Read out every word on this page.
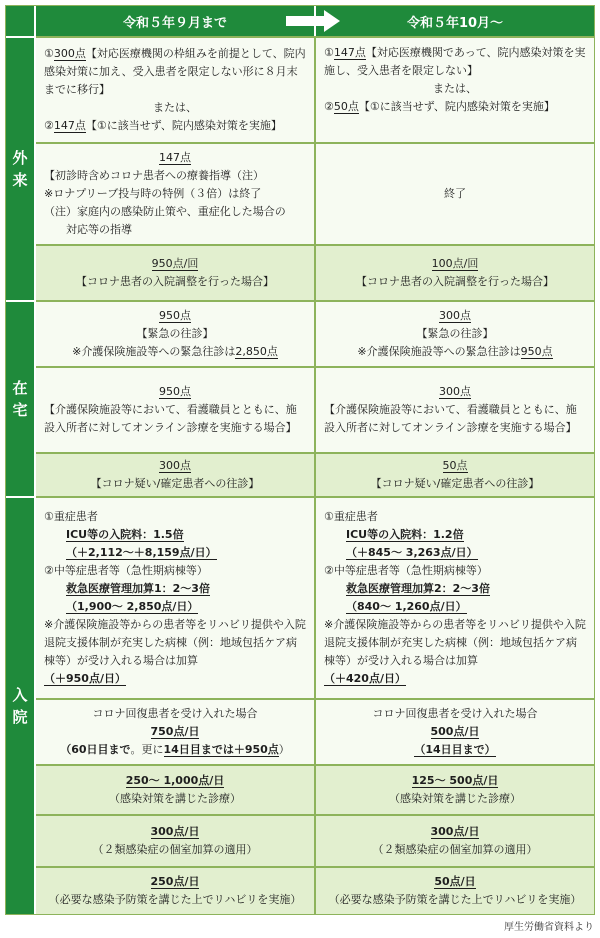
令和５年９月まで	令和５年10月～
外
来
在
宅
入
院
①300点【対応医療機関の枠組みを前提として、院内感染対策に加え、受入患者を限定しない形に８月末までに移行】
または、
②147点【①に該当せず、院内感染対策を実施】
①147点【対応医療機関であって、院内感染対策を実施し、受入患者を限定しない】
または、
②50点【①に該当せず、院内感染対策を実施】
147点
【初診時含めコロナ患者への療養指導（注）
※ロナプリーブ投与時の特例（３倍）は終了
（注）家庭内の感染防止策や、重症化した場合の
対応等の指導
終了
950点/回
【コロナ患者の入院調整を行った場合】
100点/回
【コロナ患者の入院調整を行った場合】
950点
【緊急の往診】
※介護保険施設等への緊急往診は2,850点
300点
【緊急の往診】
※介護保険施設等への緊急往診は950点
950点
【介護保険施設等において、看護職員とともに、施設入所者に対してオンライン診療を実施する場合】
300点
【介護保険施設等において、看護職員とともに、施設入所者に対してオンライン診療を実施する場合】
300点
【コロナ疑い/確定患者への往診】
50点
【コロナ疑い/確定患者への往診】
①重症患者
ICU等の入院料：1.5倍
（＋2,112～＋8,159点/日）
②中等症患者等（急性期病棟等）
救急医療管理加算1：2～3倍
（1,900～ 2,850点/日）
※介護保険施設等からの患者等をリハビリ提供や入院退院支援体制が充実した病棟（例：地域包括ケア病棟等）が受け入れる場合は加算
（＋950点/日）
①重症患者
ICU等の入院料：1.2倍
（＋845～ 3,263点/日）
②中等症患者等（急性期病棟等）
救急医療管理加算2：2～3倍
（840～ 1,260点/日）
※介護保険施設等からの患者等をリハビリ提供や入院退院支援体制が充実した病棟（例：地域包括ケア病棟等）が受け入れる場合は加算
（＋420点/日）
コロナ回復患者を受け入れた場合
750点/日
（60日目まで。更に14日目までは＋950点）
コロナ回復患者を受け入れた場合
500点/日
（14日目まで）
250～ 1,000点/日
（感染対策を講じた診療）
125～ 500点/日
（感染対策を講じた診療）
300点/日
（２類感染症の個室加算の適用）
300点/日
（２類感染症の個室加算の適用）
250点/日
（必要な感染予防策を講じた上でリハビリを実施）
50点/日
（必要な感染予防策を講じた上でリハビリを実施）
厚生労働省資料より
